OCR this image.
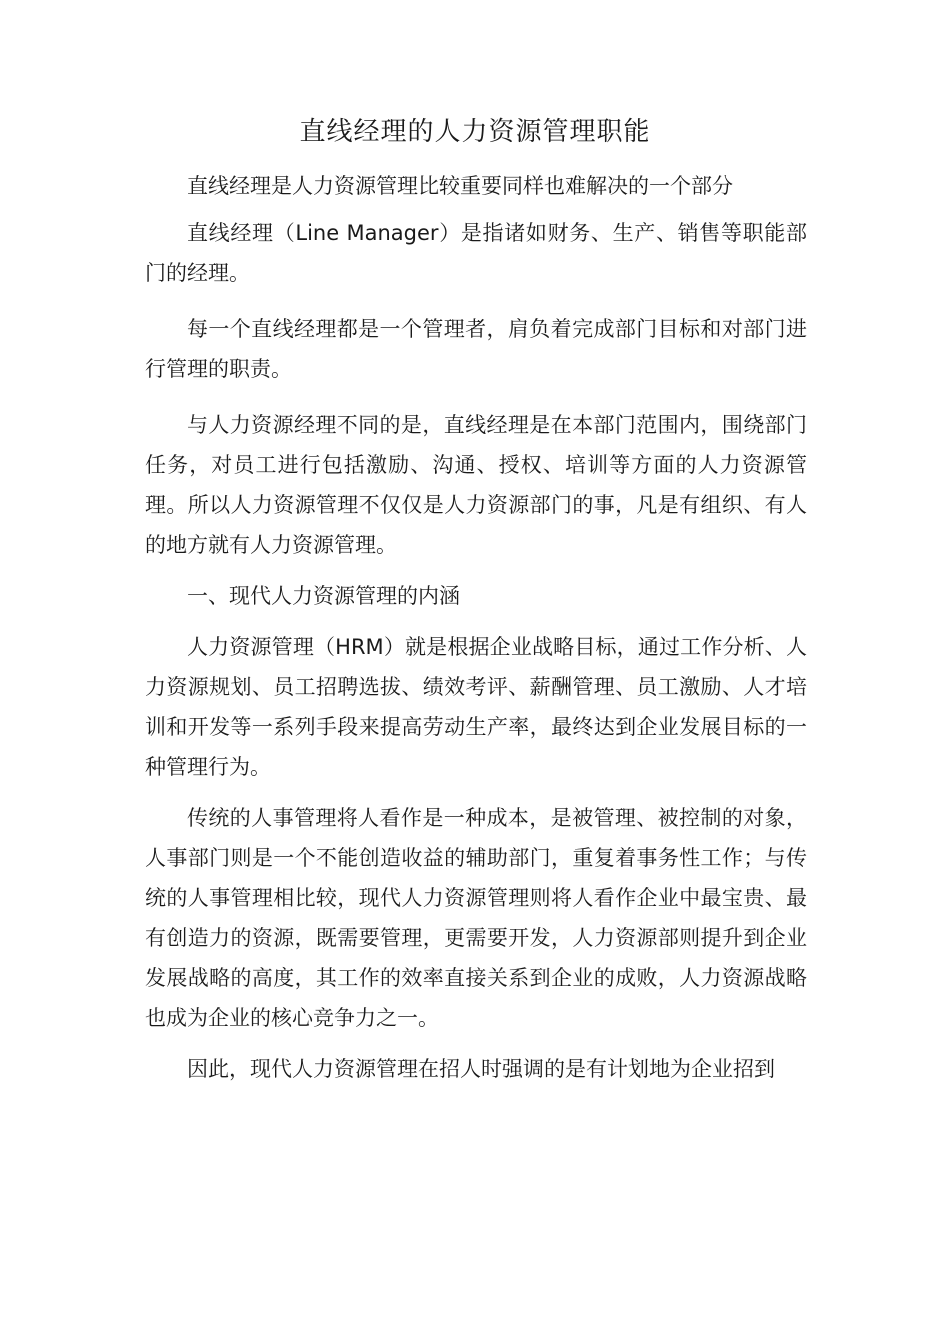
直线经理的人力资源管理职能

直线经理是人力资源管理比较重要同样也难解决的一个部分

直线经理（Line Manager）是指诸如财务、生产、销售等职能部门的经理。

每一个直线经理都是一个管理者，肩负着完成部门目标和对部门进行管理的职责。

与人力资源经理不同的是，直线经理是在本部门范围内，围绕部门任务，对员工进行包括激励、沟通、授权、培训等方面的人力资源管理。所以人力资源管理不仅仅是人力资源部门的事，凡是有组织、有人的地方就有人力资源管理。

一、现代人力资源管理的内涵

人力资源管理（HRM）就是根据企业战略目标，通过工作分析、人力资源规划、员工招聘选拔、绩效考评、薪酬管理、员工激励、人才培训和开发等一系列手段来提高劳动生产率，最终达到企业发展目标的一种管理行为。

传统的人事管理将人看作是一种成本，是被管理、被控制的对象，人事部门则是一个不能创造收益的辅助部门，重复着事务性工作；与传统的人事管理相比较，现代人力资源管理则将人看作企业中最宝贵、最有创造力的资源，既需要管理，更需要开发，人力资源部则提升到企业发展战略的高度，其工作的效率直接关系到企业的成败，人力资源战略也成为企业的核心竞争力之一。

因此，现代人力资源管理在招人时强调的是有计划地为企业招到
